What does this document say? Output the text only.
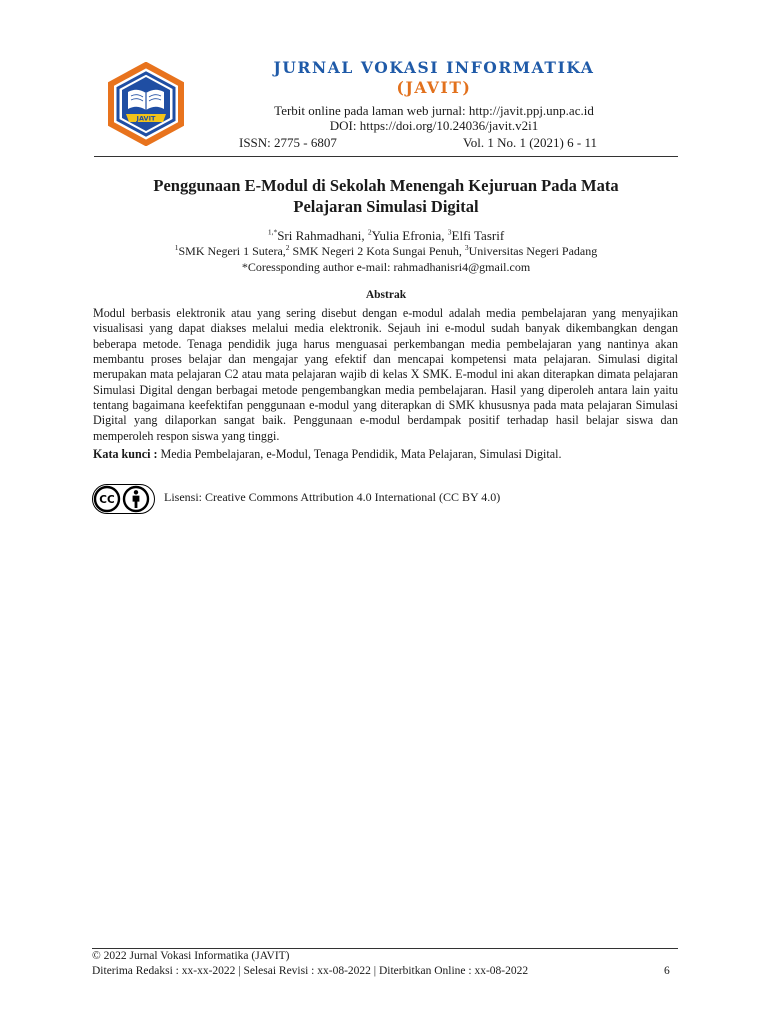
JAVIT
JURNAL VOKASI INFORMATIKA
(JAVIT)
Terbit online pada laman web jurnal: http://javit.ppj.unp.ac.id
DOI: https://doi.org/10.24036/javit.v2i1
ISSN: 2775 - 6807	Vol. 1 No. 1 (2021) 6 - 11
Penggunaan E-Modul di Sekolah Menengah Kejuruan Pada Mata
Pelajaran Simulasi Digital
$^{1,*}$Sri Rahmadhani, $^2$Yulia Efronia, $^3$Elfi Tasrif
$^1$SMK Negeri 1 Sutera,$^2$ SMK Negeri 2 Kota Sungai Penuh, $^3$Universitas Negeri Padang
*Coressponding author e-mail: rahmadhanisri4@gmail.com
Abstrak
Modul berbasis elektronik atau yang sering disebut dengan e-modul adalah media pembelajaran yang menyajikan visualisasi yang dapat diakses melalui media elektronik. Sejauh ini e-modul sudah banyak dikembangkan dengan beberapa metode. Tenaga pendidik juga harus menguasai perkembangan media pembelajaran yang nantinya akan membantu proses belajar dan mengajar yang efektif dan mencapai kompetensi mata pelajaran. Simulasi digital merupakan mata pelajaran C2 atau mata pelajaran wajib di kelas X SMK. E-modul ini akan diterapkan dimata pelajaran Simulasi Digital dengan berbagai metode pengembangkan media pembelajaran. Hasil yang diperoleh antara lain yaitu tentang bagaimana keefektifan penggunaan e-modul yang diterapkan di SMK khususnya pada mata pelajaran Simulasi Digital yang dilaporkan sangat baik. Penggunaan e-modul berdampak positif terhadap hasil belajar siswa dan memperoleh respon siswa yang tinggi.
Kata kunci : Media Pembelajaran, e-Modul, Tenaga Pendidik, Mata Pelajaran, Simulasi Digital.
CC	Lisensi: Creative Commons Attribution 4.0 International (CC BY 4.0)
© 2022 Jurnal Vokasi Informatika (JAVIT)
Diterima Redaksi : xx-xx-2022 | Selesai Revisi : xx-08-2022 | Diterbitkan Online : xx-08-2022	6
